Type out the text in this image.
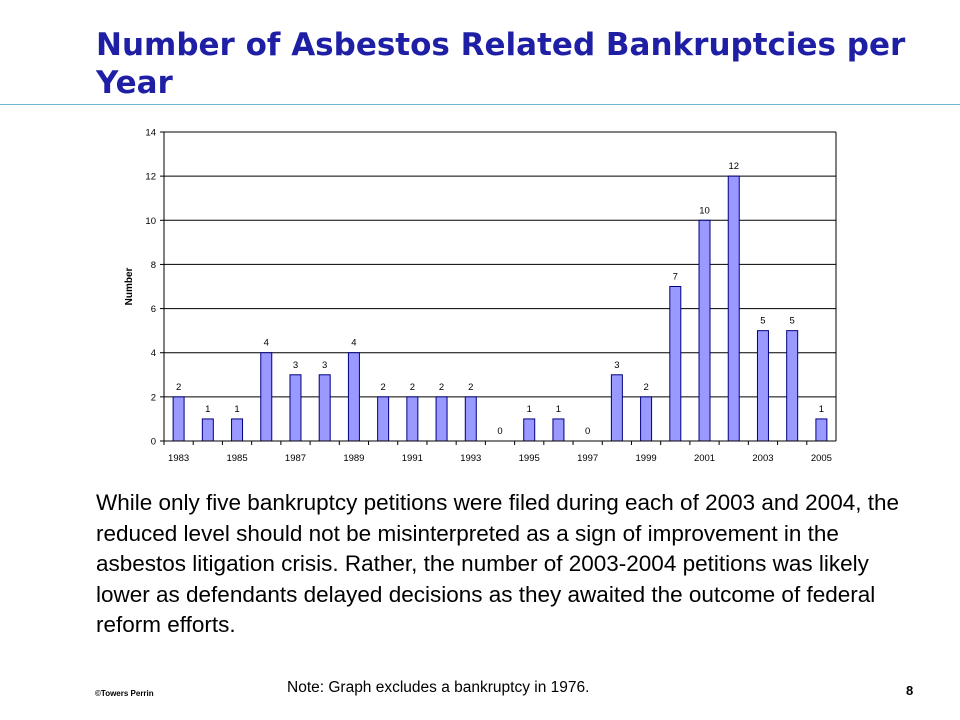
Number of Asbestos Related Bankruptcies per Year
2
1	1
4
3	3
4
2	2	2	2
0
1	1
0
3
2
7
10
12
5	5
1
0
2
4
6
8
10
12
14
Number
1983	1985	1987	1989	1991	1993	1995	1997	1999	2001	2003	2005
While only five bankruptcy petitions were filed during each of 2003 and 2004, the reduced level should not be misinterpreted as a sign of improvement in the asbestos litigation crisis. Rather, the number of 2003-2004 petitions was likely lower as defendants delayed decisions as they awaited the outcome of federal reform efforts.
Note: Graph excludes a bankruptcy in 1976.
©Towers Perrin	8
